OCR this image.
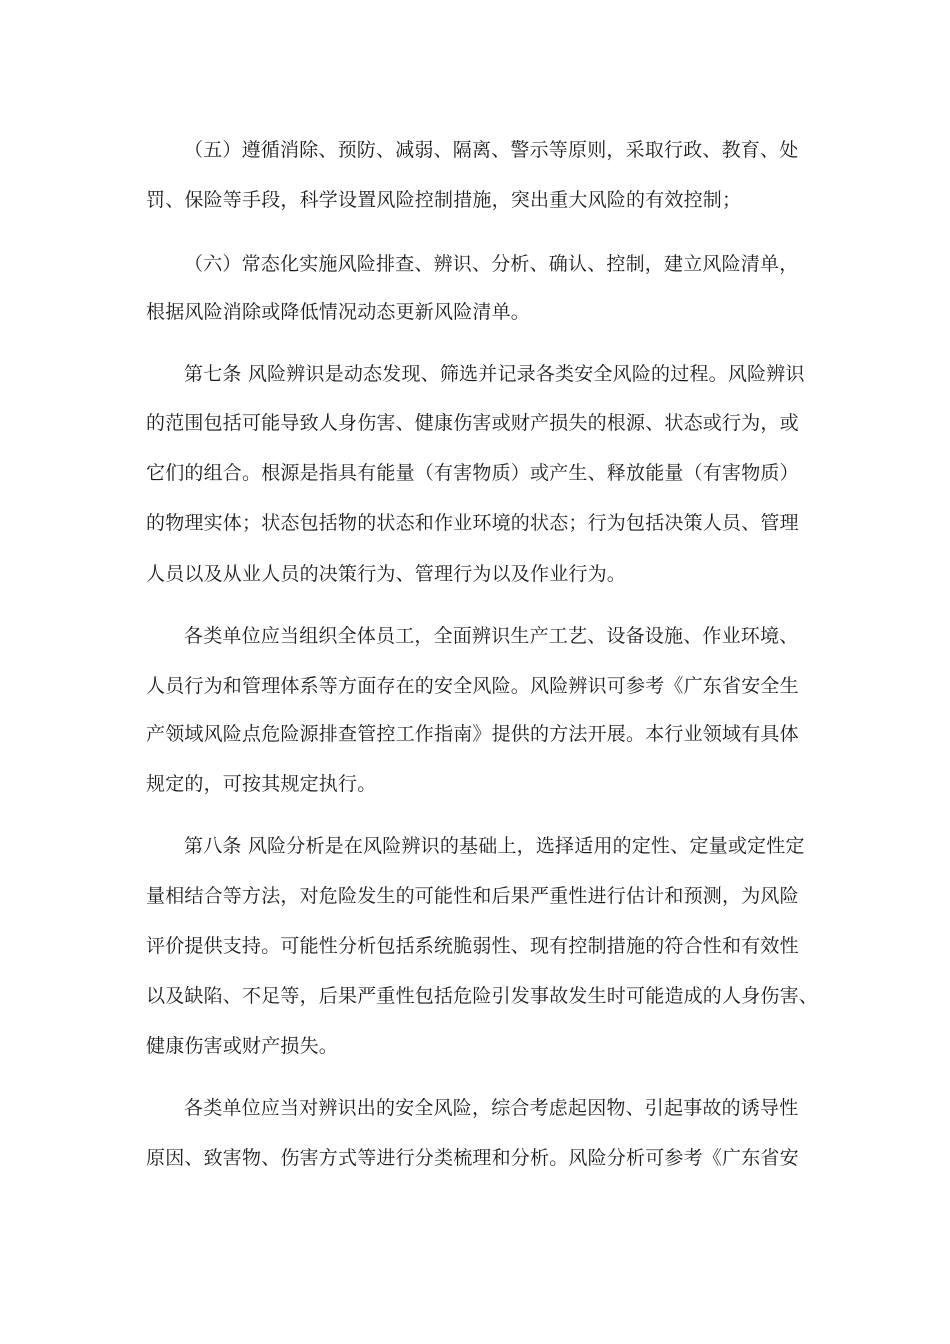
（五）遵循消除、预防、减弱、隔离、警示等原则，采取行政、教育、处
罚、保险等手段，科学设置风险控制措施，突出重大风险的有效控制；
（六）常态化实施风险排查、辨识、分析、确认、控制，建立风险清单，
根据风险消除或降低情况动态更新风险清单。
第七条 风险辨识是动态发现、筛选并记录各类安全风险的过程。风险辨识
的范围包括可能导致人身伤害、健康伤害或财产损失的根源、状态或行为，或
它们的组合。根源是指具有能量（有害物质）或产生、释放能量（有害物质）
的物理实体；状态包括物的状态和作业环境的状态；行为包括决策人员、管理
人员以及从业人员的决策行为、管理行为以及作业行为。
各类单位应当组织全体员工，全面辨识生产工艺、设备设施、作业环境、
人员行为和管理体系等方面存在的安全风险。风险辨识可参考《广东省安全生
产领域风险点危险源排查管控工作指南》提供的方法开展。本行业领域有具体
规定的，可按其规定执行。
第八条 风险分析是在风险辨识的基础上，选择适用的定性、定量或定性定
量相结合等方法，对危险发生的可能性和后果严重性进行估计和预测，为风险
评价提供支持。可能性分析包括系统脆弱性、现有控制措施的符合性和有效性
以及缺陷、不足等，后果严重性包括危险引发事故发生时可能造成的人身伤害、
健康伤害或财产损失。
各类单位应当对辨识出的安全风险，综合考虑起因物、引起事故的诱导性
原因、致害物、伤害方式等进行分类梳理和分析。风险分析可参考《广东省安
